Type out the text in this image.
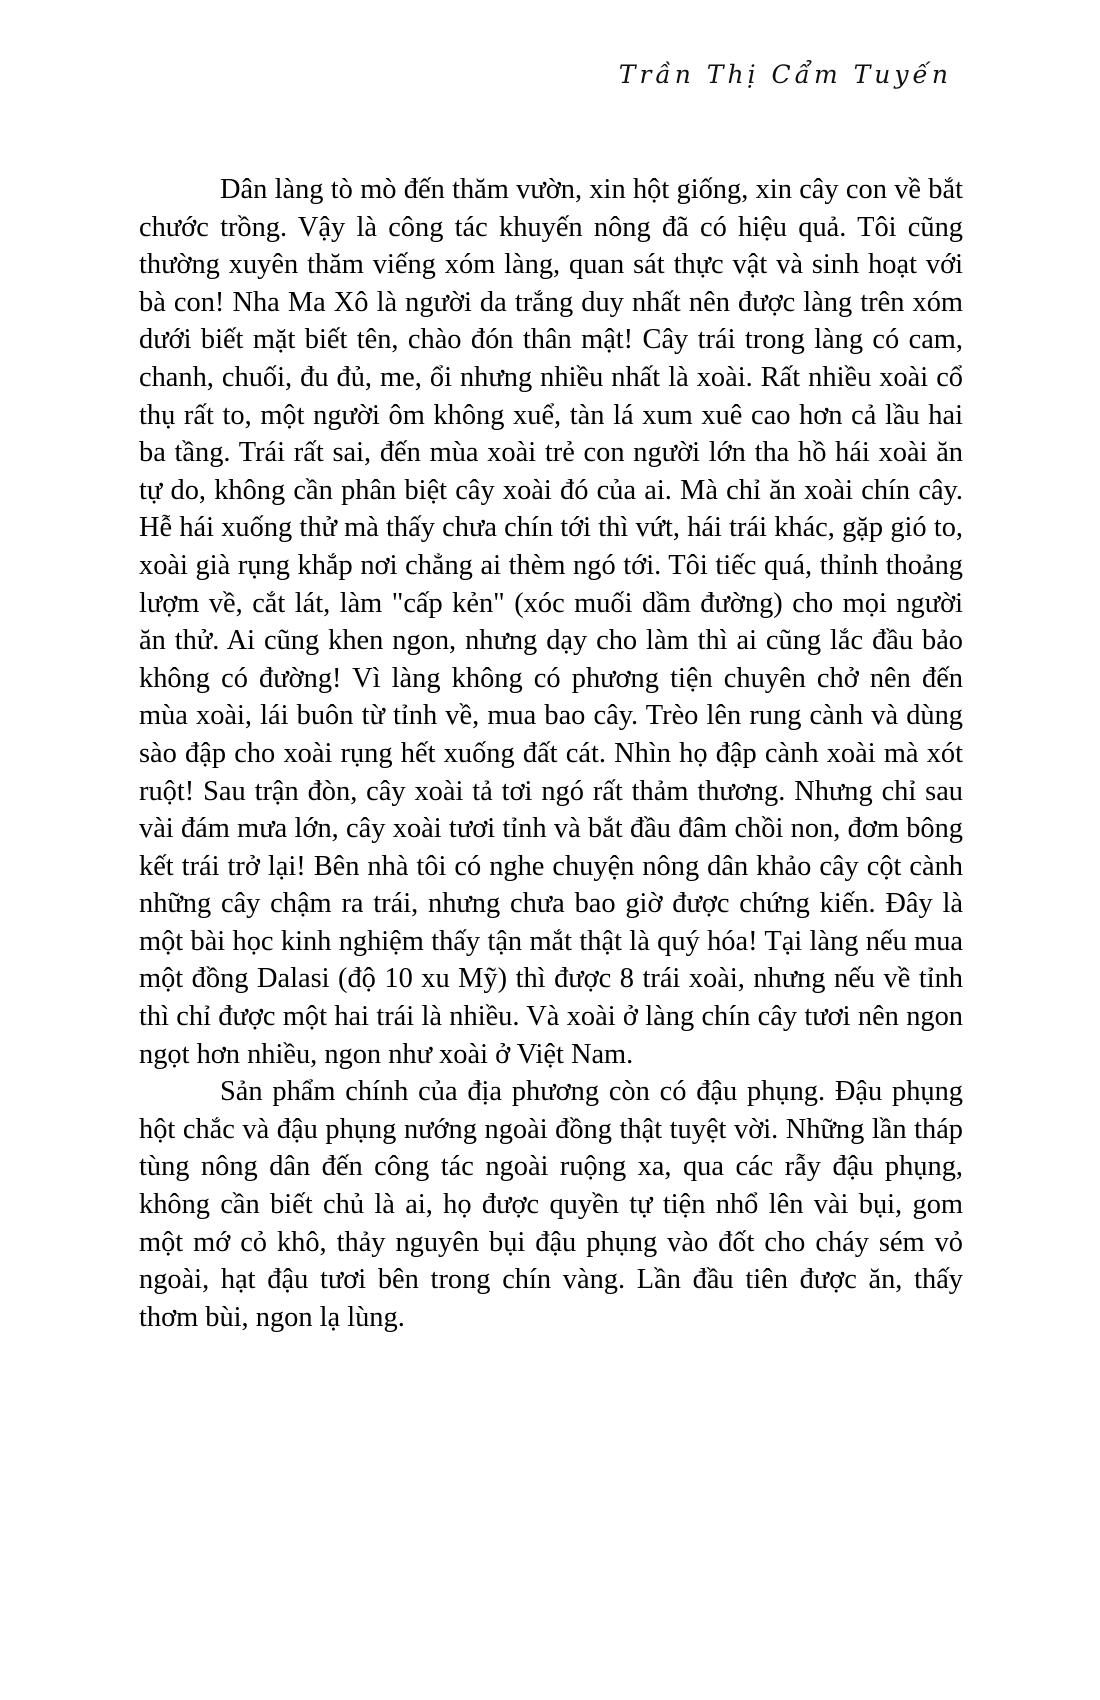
Trần Thị Cẩm Tuyến

Dân làng tò mò đến thăm vườn, xin hột giống, xin cây con về bắt chước trồng. Vậy là công tác khuyến nông đã có hiệu quả. Tôi cũng thường xuyên thăm viếng xóm làng, quan sát thực vật và sinh hoạt với bà con! Nha Ma Xô là người da trắng duy nhất nên được làng trên xóm dưới biết mặt biết tên, chào đón thân mật! Cây trái trong làng có cam, chanh, chuối, đu đủ, me, ổi nhưng nhiều nhất là xoài. Rất nhiều xoài cổ thụ rất to, một người ôm không xuể, tàn lá xum xuê cao hơn cả lầu hai ba tầng. Trái rất sai, đến mùa xoài trẻ con người lớn tha hồ hái xoài ăn tự do, không cần phân biệt cây xoài đó của ai. Mà chỉ ăn xoài chín cây. Hễ hái xuống thử mà thấy chưa chín tới thì vứt, hái trái khác, gặp gió to, xoài già rụng khắp nơi chẳng ai thèm ngó tới. Tôi tiếc quá, thỉnh thoảng lượm về, cắt lát, làm "cấp kẻn" (xóc muối dầm đường) cho mọi người ăn thử. Ai cũng khen ngon, nhưng dạy cho làm thì ai cũng lắc đầu bảo không có đường! Vì làng không có phương tiện chuyên chở nên đến mùa xoài, lái buôn từ tỉnh về, mua bao cây. Trèo lên rung cành và dùng sào đập cho xoài rụng hết xuống đất cát. Nhìn họ đập cành xoài mà xót ruột! Sau trận đòn, cây xoài tả tơi ngó rất thảm thương. Nhưng chỉ sau vài đám mưa lớn, cây xoài tươi tỉnh và bắt đầu đâm chồi non, đơm bông kết trái trở lại! Bên nhà tôi có nghe chuyện nông dân khảo cây cột cành những cây chậm ra trái, nhưng chưa bao giờ được chứng kiến. Đây là một bài học kinh nghiệm thấy tận mắt thật là quý hóa! Tại làng nếu mua một đồng Dalasi (độ 10 xu Mỹ) thì được 8 trái xoài, nhưng nếu về tỉnh thì chỉ được một hai trái là nhiều. Và xoài ở làng chín cây tươi nên ngon ngọt hơn nhiều, ngon như xoài ở Việt Nam.

Sản phẩm chính của địa phương còn có đậu phụng. Đậu phụng hột chắc và đậu phụng nướng ngoài đồng thật tuyệt vời. Những lần tháp tùng nông dân đến công tác ngoài ruộng xa, qua các rẫy đậu phụng, không cần biết chủ là ai, họ được quyền tự tiện nhổ lên vài bụi, gom một mớ cỏ khô, thảy nguyên bụi đậu phụng vào đốt cho cháy sém vỏ ngoài, hạt đậu tươi bên trong chín vàng. Lần đầu tiên được ăn, thấy thơm bùi, ngon lạ lùng.
